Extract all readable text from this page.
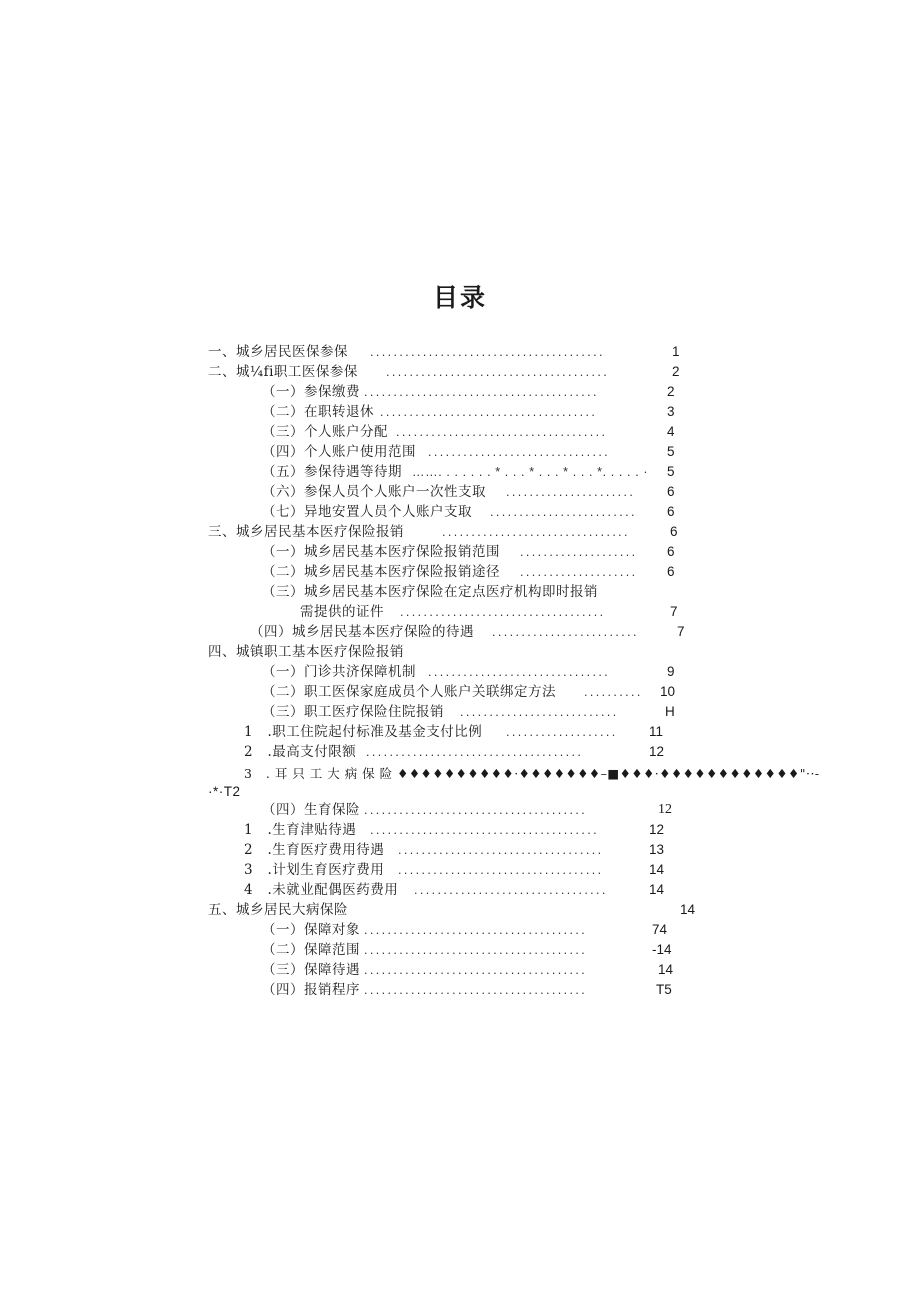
目录
一、城乡居民医保参保 ........................................	1
二、城¼fi职工医保参保 ......................................	2
（一）参保缴费 ........................................	2
（二）在职转退休 .....................................	3
（三）个人账户分配 ....................................	4
（四）个人账户使用范围 ...............................	5
（五）参保待遇等待期 ……. . . . . . . * . . . * . . . * . . . *. . . . . ·	5
（六）参保人员个人账户一次性支取 ......................	6
（七）异地安置人员个人账户支取 .........................	6
三、城乡居民基本医疗保险报销	................................	6
（一）城乡居民基本医疗保险报销范围 ....................	6
（二）城乡居民基本医疗保险报销途径 ....................	6
（三）城乡居民基本医疗保险在定点医疗机构即时报销
需提供的证件 ...................................	7
（四）城乡居民基本医疗保险的待遇 .........................	7
四、城镇职工基本医疗保险报销
（一）门诊共济保障机制 ...............................	9
（二）职工医保家庭成员个人账户关联绑定方法 ..........	10
（三）职工医疗保险住院报销 ...........................	H
1   .职工住院起付标准及基金支付比例 ...................	11
2   .最高支付限额 .....................................	12
3   . 耳 只 工 大 病 保 险 ♦♦♦♦♦♦♦♦♦♦·♦♦♦♦♦♦♦–■♦♦♦·♦♦♦♦♦♦♦♦♦♦♦♦"··-
·*·T2
（四）生育保险 ......................................	12
1   .生育津贴待遇 .......................................	12
2   .生育医疗费用待遇 ...................................	13
3   .计划生育医疗费用 ...................................	14
4   .未就业配偶医药费用 .................................	14
五、城乡居民大病保险	14
（一）保障对象 ......................................	74
（二）保障范围 ......................................	-14
（三）保障待遇 ......................................	14
（四）报销程序 ......................................	T5
